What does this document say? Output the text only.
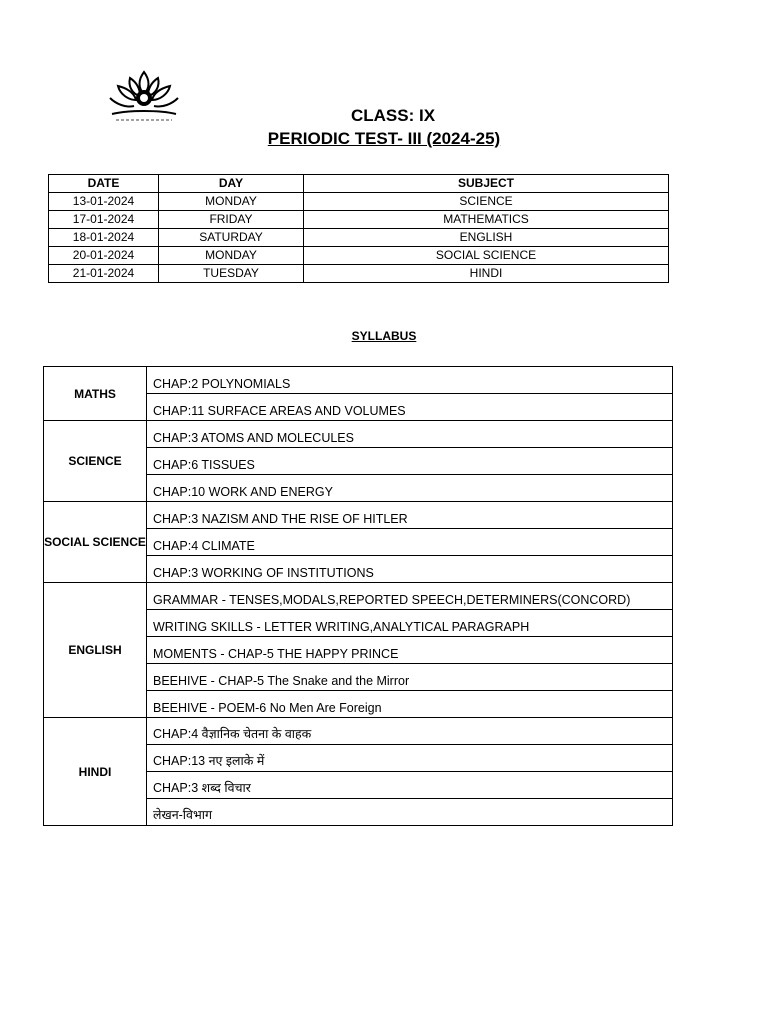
CLASS: IX
PERIODIC TEST- III (2024-25)
DATE	DAY	SUBJECT
13-01-2024	MONDAY	SCIENCE
17-01-2024	FRIDAY	MATHEMATICS
18-01-2024	SATURDAY	ENGLISH
20-01-2024	MONDAY	SOCIAL SCIENCE
21-01-2024	TUESDAY	HINDI
SYLLABUS
MATHS	CHAP:2 POLYNOMIALS
	CHAP:11 SURFACE AREAS AND VOLUMES
SCIENCE	CHAP:3 ATOMS AND MOLECULES
	CHAP:6 TISSUES
	CHAP:10 WORK AND ENERGY
SOCIAL SCIENCE	CHAP:3 NAZISM AND THE RISE OF HITLER
	CHAP:4 CLIMATE
	CHAP:3 WORKING OF INSTITUTIONS
ENGLISH	GRAMMAR - TENSES,MODALS,REPORTED SPEECH,DETERMINERS(CONCORD)
	WRITING SKILLS - LETTER WRITING,ANALYTICAL PARAGRAPH
	MOMENTS - CHAP-5 THE HAPPY PRINCE
	BEEHIVE - CHAP-5 The Snake and the Mirror
	BEEHIVE - POEM-6 No Men Are Foreign
HINDI	CHAP:4 वैज्ञानिक चेतना के वाहक
	CHAP:13 नए इलाके में
	CHAP:3 शब्द विचार
	लेखन-विभाग
